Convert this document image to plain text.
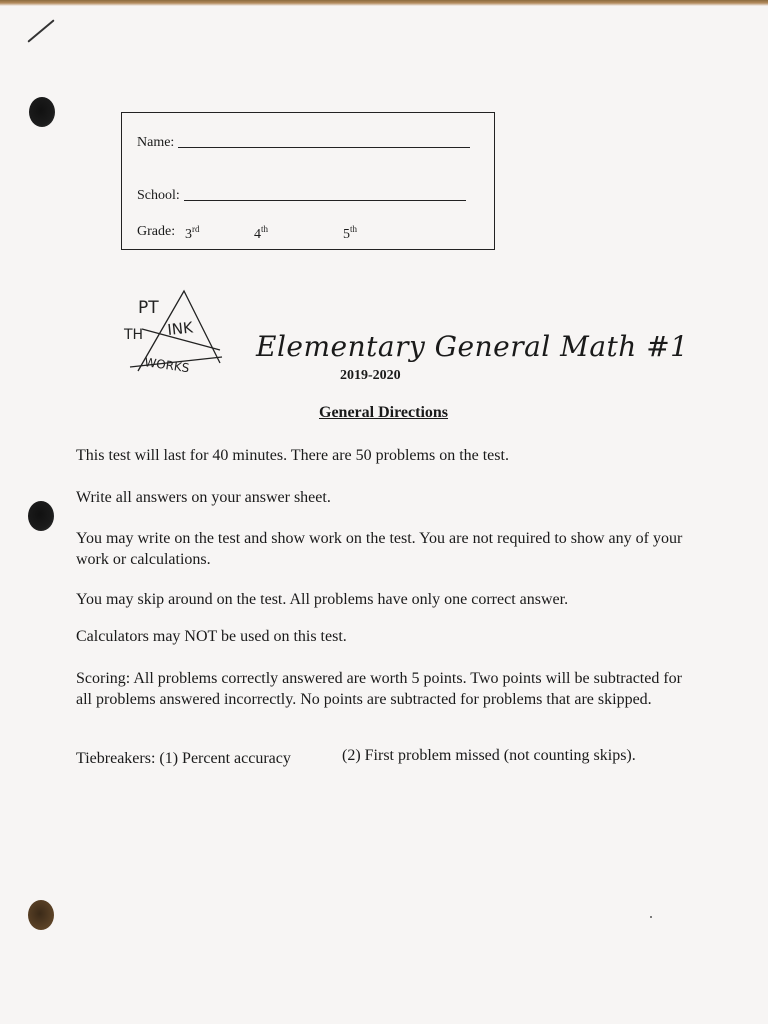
Name:
School:
Grade: 3rd	4th	5th
PT
TH INK
WORKS
Elementary General Math #1
2019-2020
General Directions
This test will last for 40 minutes. There are 50 problems on the test.
Write all answers on your answer sheet.
You may write on the test and show work on the test. You are not required to show any of your work or calculations.
You may skip around on the test. All problems have only one correct answer.
Calculators may NOT be used on this test.
Scoring: All problems correctly answered are worth 5 points. Two points will be subtracted for all problems answered incorrectly. No points are subtracted for problems that are skipped.
Tiebreakers: (1) Percent accuracy	(2) First problem missed (not counting skips).
